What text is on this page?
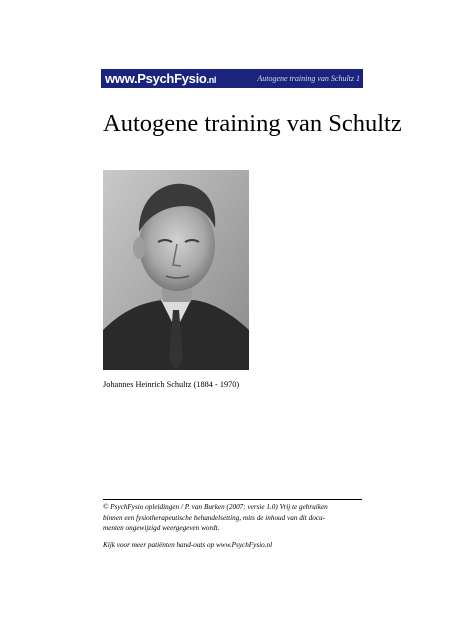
www.PsychFysio.nl	Autogene training van Schultz 1
Autogene training van Schultz
Johannes Heinrich Schultz (1884 - 1970)

© PsychFysio opleidingen / P. van Burken (2007: versie 1.0) Vrij te gebruiken

binnen een fysiotherapeutische behandelsetting, mits de inhoud van dit docu-

menten ongewijzigd weergegeven wordt.

Kijk voor meer patiënten hand-outs op www.PsychFysio.nl
